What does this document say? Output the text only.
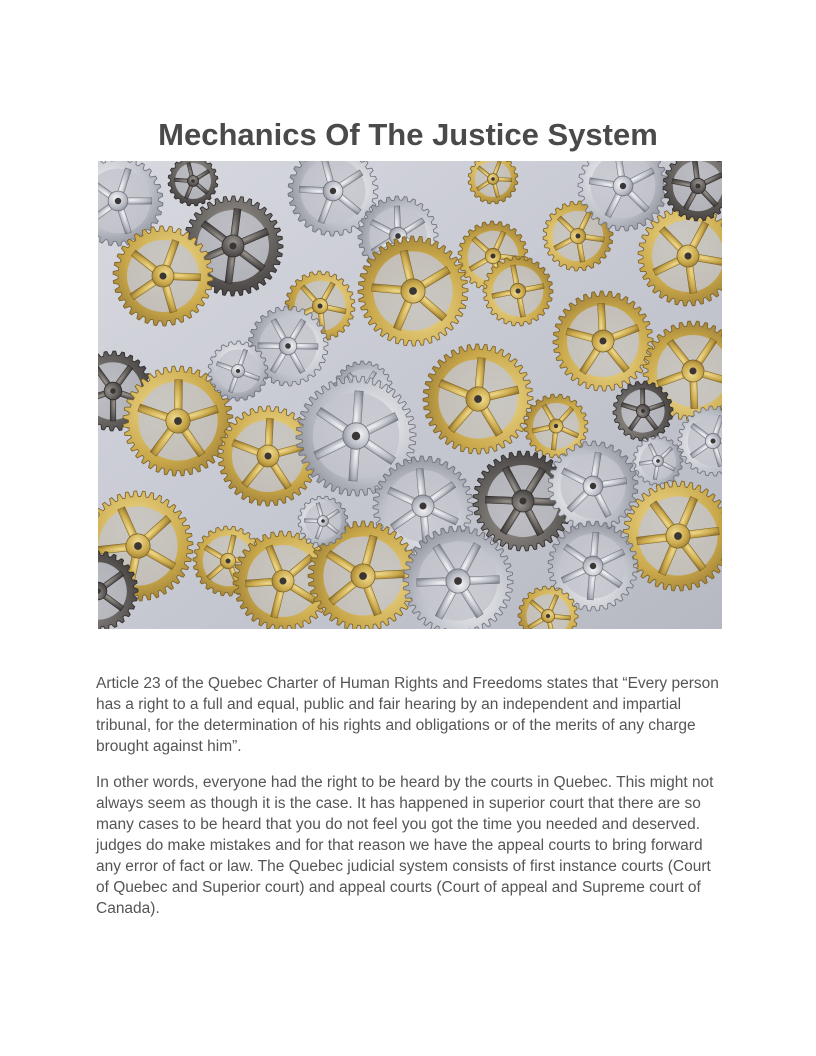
Mechanics Of The Justice System

Article 23 of the Quebec Charter of Human Rights and Freedoms states that “Every person has a right to a full and equal, public and fair hearing by an independent and impartial tribunal, for the determination of his rights and obligations or of the merits of any charge brought against him”.

In other words, everyone had the right to be heard by the courts in Quebec. This might not always seem as though it is the case. It has happened in superior court that there are so many cases to be heard that you do not feel you got the time you needed and deserved. judges do make mistakes and for that reason we have the appeal courts to bring forward any error of fact or law. The Quebec judicial system consists of first instance courts (Court of Quebec and Superior court) and appeal courts (Court of appeal and Supreme court of Canada).
